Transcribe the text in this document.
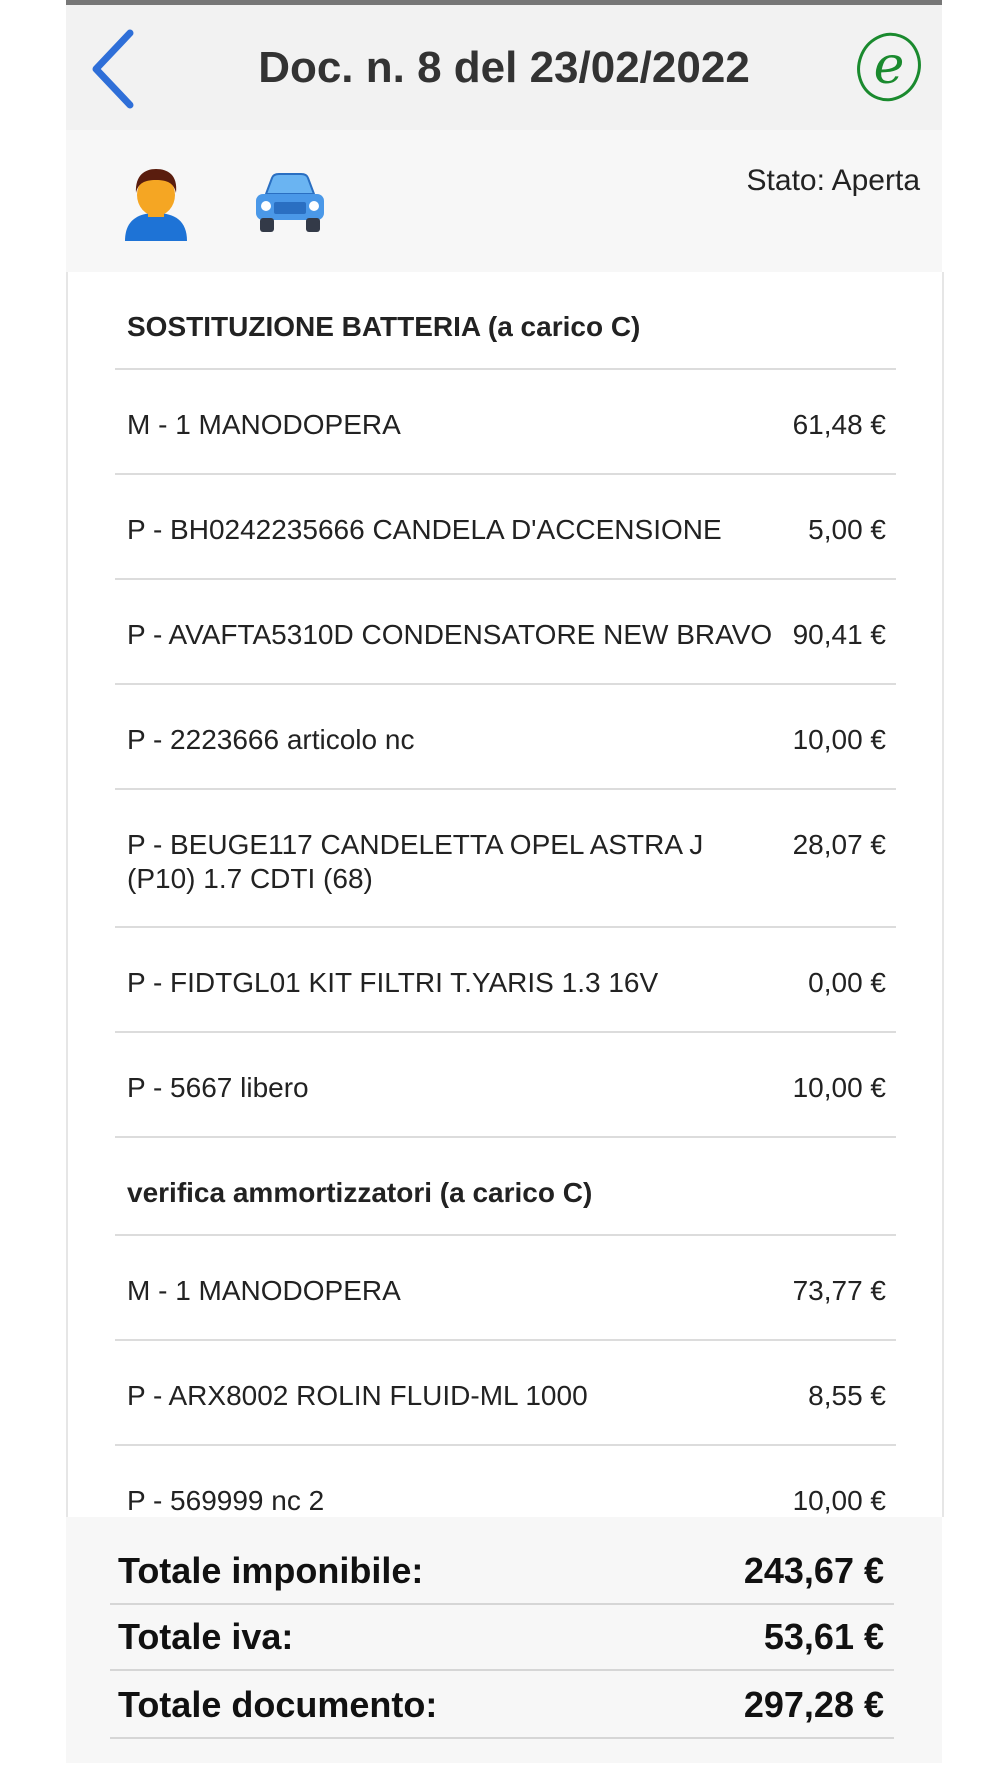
Doc. n. 8 del 23/02/2022	e
Stato: Aperta
SOSTITUZIONE BATTERIA (a carico C)
M - 1 MANODOPERA	61,48 €
P - BH0242235666 CANDELA D'ACCENSIONE	5,00 €
P - AVAFTA5310D CONDENSATORE NEW BRAVO 90,41 €
P - 2223666 articolo nc	10,00 €
P - BEUGE117 CANDELETTA OPEL ASTRA J (P10) 1.7 CDTI (68)
28,07 €
P - FIDTGL01 KIT FILTRI T.YARIS 1.3 16V	0,00 €
P - 5667 libero	10,00 €
verifica ammortizzatori (a carico C)
M - 1 MANODOPERA	73,77 €
P - ARX8002 ROLIN FLUID-ML 1000	8,55 €
P - 569999 nc 2	10,00 €
Totale imponibile:	243,67 €
Totale iva:	53,61 €
Totale documento:	297,28 €
